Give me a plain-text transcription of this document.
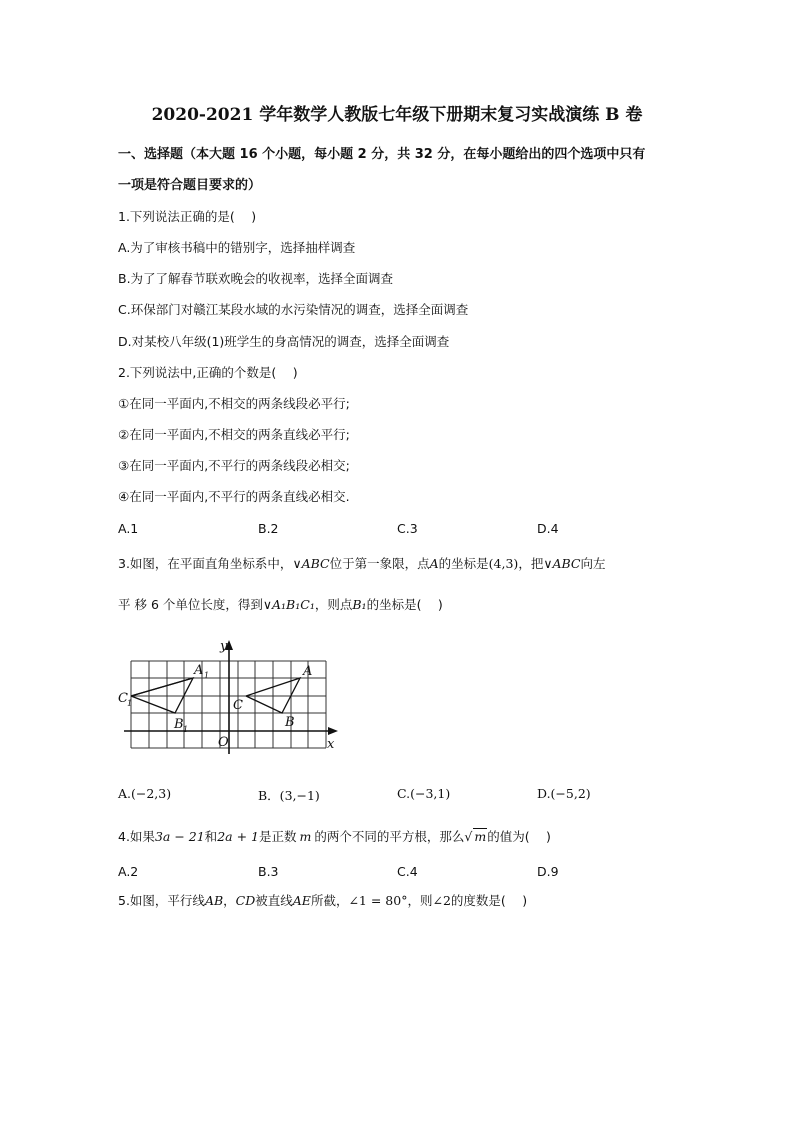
2020-2021 学年数学人教版七年级下册期末复习实战演练 B 卷
一、选择题（本大题 16 个小题，每小题 2 分，共 32 分，在每小题给出的四个选项中只有
一项是符合题目要求的）
1.下列说法正确的是(　 )
A.为了审核书稿中的错别字，选择抽样调查
B.为了了解春节联欢晚会的收视率，选择全面调查
C.环保部门对赣江某段水域的水污染情况的调查，选择全面调查
D.对某校八年级(1)班学生的身高情况的调查，选择全面调查
2.下列说法中,正确的个数是(　 )
①在同一平面内,不相交的两条线段必平行;
②在同一平面内,不相交的两条直线必平行;
③在同一平面内,不平行的两条线段必相交;
④在同一平面内,不平行的两条直线必相交.
A.1	B.2	C.3	D.4
3.如图，在平面直角坐标系中，∨ABC位于第一象限，点A的坐标是(4,3)，把∨ABC向左
平 移 6 个单位长度，得到∨A₁B₁C₁，则点B₁的坐标是(　 )
y
x
O
A
B
C
A 1
B 1
C 1
A.(−2,3)	B．(3,−1)	C.(−3,1)	D.(−5,2)
4.如果3a − 21和2a + 1是正数 m 的两个不同的平方根，那么√ m的值为(　 )
A.2	B.3	C.4	D.9
5.如图，平行线AB，CD被直线AE所截，∠1 = 80°，则∠2的度数是(　 )
